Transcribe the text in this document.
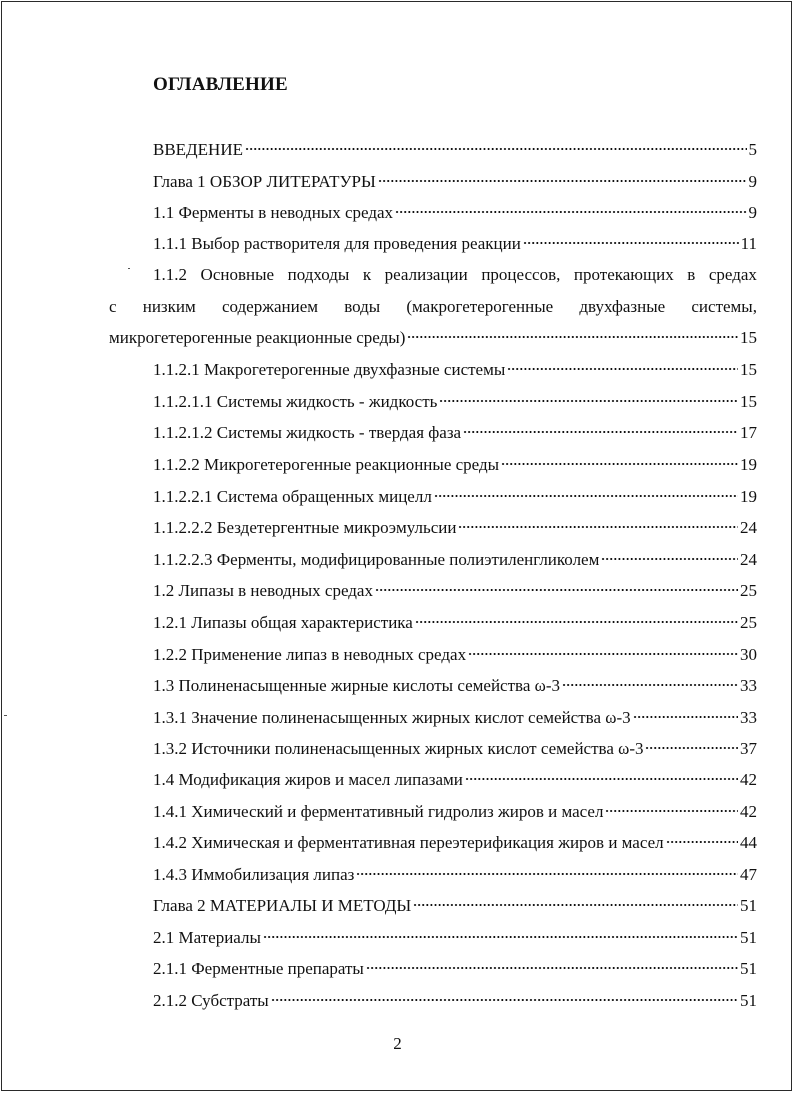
ОГЛАВЛЕНИЕ
ВВЕДЕНИЕ	5
Глава 1 ОБЗОР ЛИТЕРАТУРЫ	9
1.1 Ферменты в неводных средах	9
1.1.1 Выбор растворителя для проведения реакции	11
1.1.2 Основные подходы к реализации процессов, протекающих в средах
с низким содержанием воды (макрогетерогенные двухфазные системы,
микрогетерогенные реакционные среды)	15
1.1.2.1 Макрогетерогенные двухфазные системы	15
1.1.2.1.1 Системы жидкость - жидкость	15
1.1.2.1.2 Системы жидкость - твердая фаза	17
1.1.2.2 Микрогетерогенные реакционные среды	19
1.1.2.2.1 Система обращенных мицелл	19
1.1.2.2.2 Бездетергентные микроэмульсии	24
1.1.2.2.3 Ферменты, модифицированные полиэтиленгликолем	24
1.2 Липазы в неводных средах	25
1.2.1 Липазы общая характеристика	25
1.2.2 Применение липаз в неводных средах	30
1.3 Полиненасыщенные жирные кислоты семейства ω-3	33
1.3.1 Значение полиненасыщенных жирных кислот семейства ω-3	33
1.3.2 Источники полиненасыщенных жирных кислот семейства ω-3	37
1.4 Модификация жиров и масел липазами	42
1.4.1 Химический и ферментативный гидролиз жиров и масел	42
1.4.2 Химическая и ферментативная переэтерификация жиров и масел	44
1.4.3 Иммобилизация липаз	47
Глава 2 МАТЕРИАЛЫ И МЕТОДЫ	51
2.1 Материалы	51
2.1.1 Ферментные препараты	51
2.1.2 Субстраты	51
2
